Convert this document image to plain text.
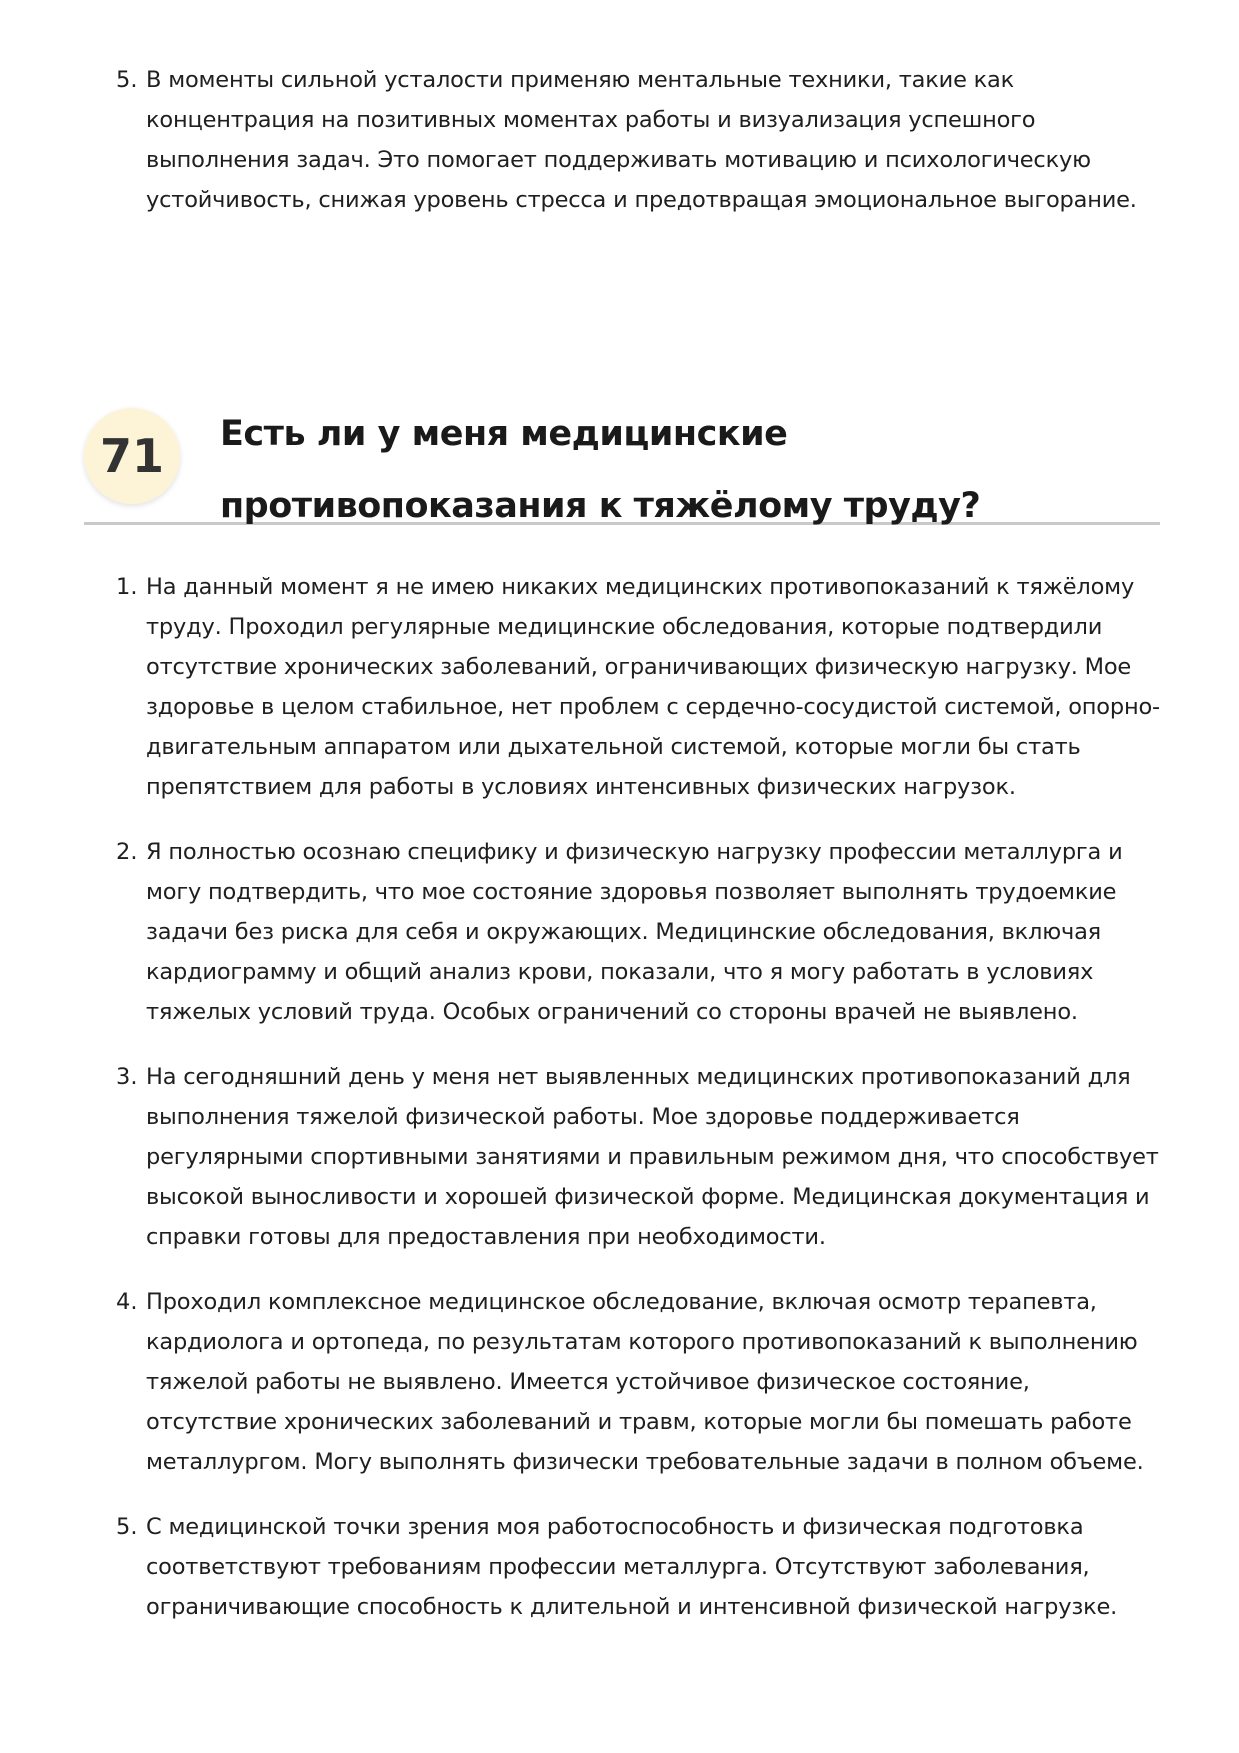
5. В моменты сильной усталости применяю ментальные техники, такие как концентрация на позитивных моментах работы и визуализация успешного выполнения задач. Это помогает поддерживать мотивацию и психологическую устойчивость, снижая уровень стресса и предотвращая эмоциональное выгорание.
71	Есть ли у меня медицинские противопоказания к тяжёлому труду?
1. На данный момент я не имею никаких медицинских противопоказаний к тяжёлому труду. Проходил регулярные медицинские обследования, которые подтвердили отсутствие хронических заболеваний, ограничивающих физическую нагрузку. Мое здоровье в целом стабильное, нет проблем с сердечно-сосудистой системой, опорно-двигательным аппаратом или дыхательной системой, которые могли бы стать препятствием для работы в условиях интенсивных физических нагрузок.
2. Я полностью осознаю специфику и физическую нагрузку профессии металлурга и могу подтвердить, что мое состояние здоровья позволяет выполнять трудоемкие задачи без риска для себя и окружающих. Медицинские обследования, включая кардиограмму и общий анализ крови, показали, что я могу работать в условиях тяжелых условий труда. Особых ограничений со стороны врачей не выявлено.
3. На сегодняшний день у меня нет выявленных медицинских противопоказаний для выполнения тяжелой физической работы. Мое здоровье поддерживается регулярными спортивными занятиями и правильным режимом дня, что способствует высокой выносливости и хорошей физической форме. Медицинская документация и справки готовы для предоставления при необходимости.
4. Проходил комплексное медицинское обследование, включая осмотр терапевта, кардиолога и ортопеда, по результатам которого противопоказаний к выполнению тяжелой работы не выявлено. Имеется устойчивое физическое состояние, отсутствие хронических заболеваний и травм, которые могли бы помешать работе металлургом. Могу выполнять физически требовательные задачи в полном объеме.
5. С медицинской точки зрения моя работоспособность и физическая подготовка соответствуют требованиям профессии металлурга. Отсутствуют заболевания, ограничивающие способность к длительной и интенсивной физической нагрузке.
